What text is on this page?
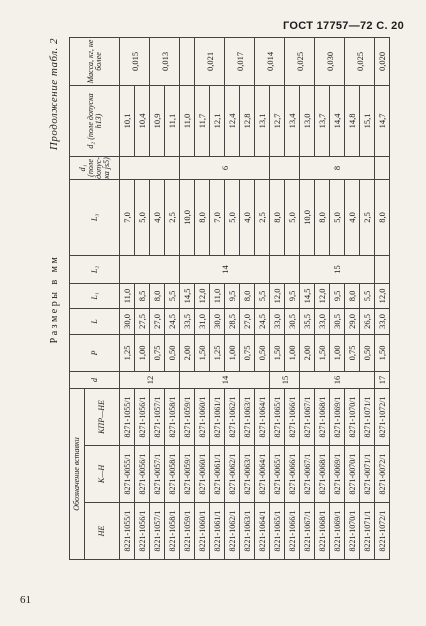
ГОСТ 17757—72 С. 20
Размеры в мм
Продолжение табл. 2
Обозначение вставки			d	P	L	L₁	L₂	L₃	d₁ (поле допуска js5)	d₂ (поле допуска h13)	Масса, кг, не более
НЕ	К—Н	КПР—НЕ									
8221-1055/1	8271-0055/1	8271-1055/1	12	1,25	30,0	11,0		7,0		10,1	0,015
8221-1056/1	8271-0056/1	8271-1056/1		1,00	27,5	8,5		5,0		10,4	
8221-1057/1	8271-0057/1	8271-1057/1		0,75	27,0	8,0		4,0		10,9	0,013
8221-1058/1	8271-0058/1	8271-1058/1		0,50	24,5	5,5		2,5		11,1	
8221-1059/1	8271-0059/1	8271-1059/1	14	2,00	33,5	14,5	14	10,0	6	11,0	
8221-1060/1	8271-0060/1	8271-1060/1		1,50	31,0	12,0		8,0		11,7	0,021
8221-1061/1	8271-0061/1	8271-1061/1		1,25	30,0	11,0		7,0		12,1	
8221-1062/1	8271-0062/1	8271-1062/1		1,00	28,5	9,5		5,0		12,4	0,017
8221-1063/1	8271-0063/1	8271-1063/1		0,75	27,0	8,0		4,0		12,8	
8221-1064/1	8271-0064/1	8271-1064/1		0,50	24,5	5,5		2,5		13,1	0,014
8221-1065/1	8271-0065/1	8271-1065/1	15	1,50	33,0	12,0		8,0		12,7	
8221-1066/1	8271-0066/1	8271-1066/1		1,00	30,5	9,5		5,0		13,4	0,025
8221-1067/1	8271-0067/1	8271-1067/1	16	2,00	35,5	14,5	15	10,0	8	13,0	
8221-1068/1	8271-0068/1	8271-1068/1		1,50	33,0	12,0		8,0		13,7	0,030
8221-1069/1	8271-0069/1	8271-1069/1		1,00	30,5	9,5		5,0		14,4	
8221-1070/1	8271-0070/1	8271-1070/1		0,75	29,0	8,0		4,0		14,8	0,025
8221-1071/1	8271-0071/1	8271-1071/1		0,50	26,5	5,5		2,5		15,1	
8221-1072/1	8271-0072/1	8271-1072/1	17	1,50	33,0	12,0		8,0		14,7	0,020
61
